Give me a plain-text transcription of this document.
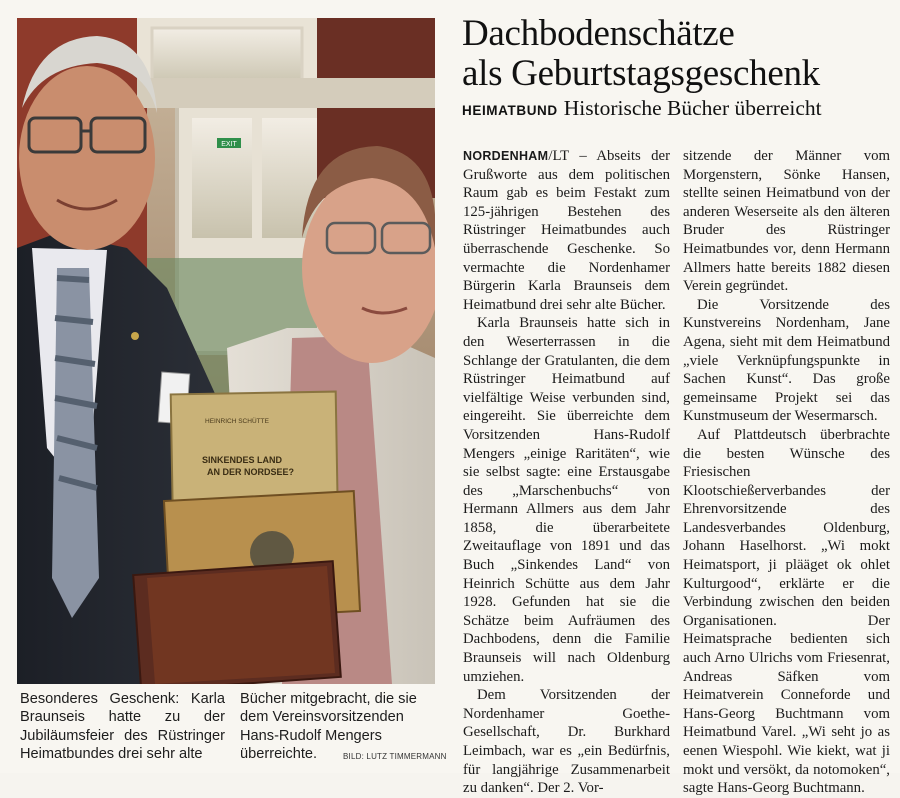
EXIT
HEINRICH SCHÜTTE
SINKENDES LAND AN DER NORDSEE?
Besonderes Geschenk: Karla Braunseis hatte zu der Jubiläumsfeier des Rüstringer Heimatbundes drei sehr alte
Bücher mitgebracht, die sie dem Vereinsvorsitzenden Hans-Rudolf Mengers überreichte.	BILD: LUTZ TIMMERMANN
Dachbodenschätze
als Geburtstagsgeschenk
HEIMATBUND Historische Bücher überreicht

NORDENHAM/LT – Abseits der Grußworte aus dem politischen Raum gab es beim Festakt zum 125-jährigen Bestehen des Rüstringer Heimatbundes auch überraschende Geschenke. So vermachte die Nordenhamer Bürgerin Karla Braunseis dem Heimatbund drei sehr alte Bücher.

Karla Braunseis hatte sich in den Weserterrassen in die Schlange der Gratulanten, die dem Rüstringer Heimatbund auf vielfältige Weise verbunden sind, eingereiht. Sie überreichte dem Vorsitzenden Hans-Rudolf Mengers „einige Raritäten“, wie sie selbst sagte: eine Erstausgabe des „Marschenbuchs“ von Hermann Allmers aus dem Jahr 1858, die überarbeitete Zweitauflage von 1891 und das Buch „Sinkendes Land“ von Heinrich Schütte aus dem Jahr 1928. Gefunden hat sie die Schätze beim Aufräumen des Dachbodens, denn die Familie Braunseis will nach Oldenburg umziehen.

Dem Vorsitzenden der Nordenhamer Goethe-Gesellschaft, Dr. Burkhard Leimbach, war es „ein Bedürfnis, für langjährige Zusammenarbeit zu danken“. Der 2. Vor-

sitzende der Männer vom Morgenstern, Sönke Hansen, stellte seinen Heimatbund von der anderen Weserseite als den älteren Bruder des Rüstringer Heimatbundes vor, denn Hermann Allmers hatte bereits 1882 diesen Verein gegründet.

Die Vorsitzende des Kunstvereins Nordenham, Jane Agena, sieht mit dem Heimatbund „viele Verknüpfungspunkte in Sachen Kunst“. Das große gemeinsame Projekt sei das Kunstmuseum der Wesermarsch.

Auf Plattdeutsch überbrachte die besten Wünsche des Friesischen Klootschießerverbandes der Ehrenvorsitzende des Landesverbandes Oldenburg, Johann Haselhorst. „Wi mokt Heimatsport, ji plääget ok ohlet Kulturgood“, erklärte er die Verbindung zwischen den beiden Organisationen. Der Heimatsprache bedienten sich auch Arno Ulrichs vom Friesenrat, Andreas Säfken vom Heimatverein Conneforde und Hans-Georg Buchtmann vom Heimatbund Varel. „Wi seht jo as eenen Wiespohl. Wie kiekt, wat ji mokt und versökt, da notomoken“, sagte Hans-Georg Buchtmann.
